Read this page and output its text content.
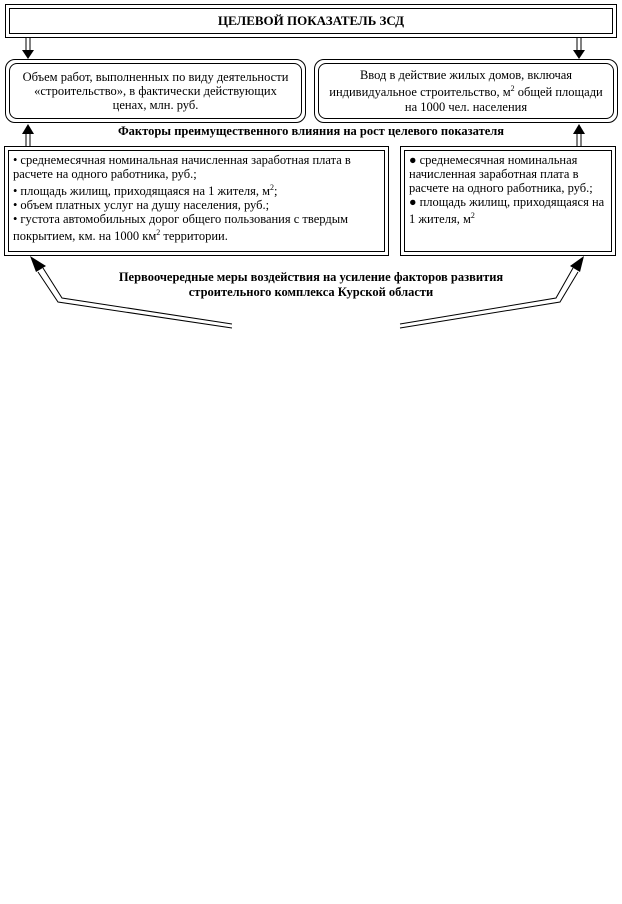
ЦЕЛЕВОЙ ПОКАЗАТЕЛЬ ЗСД
Объем работ, выполненных по виду деятельности «строительство», в фактически действующих ценах, млн. руб.
Ввод в действие жилых домов, включая индивидуальное строительство, $м^2$ общей площади на 1000 чел. населения
Факторы преимущественного влияния на рост целевого показателя
• среднемесячная номинальная начисленная заработная плата в расчете на одного работника, руб.;
• площадь жилищ, приходящаяся на 1 жителя, $м^2$;
• объем платных услуг на душу населения, руб.;
• густота автомобильных дорог общего пользования с твердым покрытием, км. на 1000 $км^2$ территории.
● среднемесячная номинальная начисленная заработная плата в расчете на одного работника, руб.;
● площадь жилищ, приходящаяся на 1 жителя, $м^2$
Первоочередные меры воздействия на усиление факторов развития
строительного комплекса Курской области
